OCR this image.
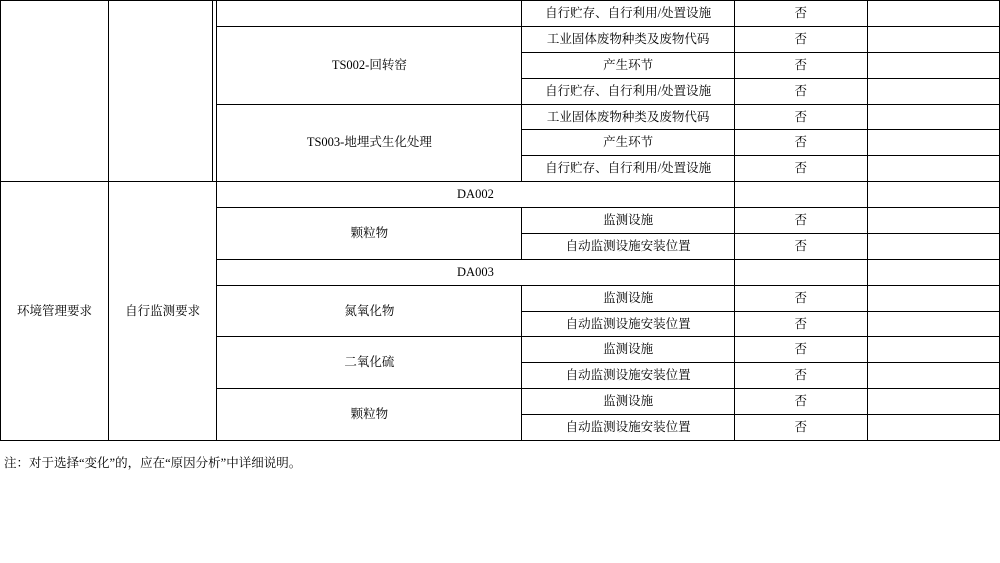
				自行贮存、自行利用/处置设施	否	
			TS002-回转窑	工业固体废物种类及废物代码	否	
				产生环节	否	
				自行贮存、自行利用/处置设施	否	
			TS003-地埋式生化处理	工业固体废物种类及废物代码	否	
				产生环节	否	
				自行贮存、自行利用/处置设施	否	
环境管理要求	自行监测要求		DA002			
			颗粒物	监测设施	否	
				自动监测设施安装位置	否	
			DA003			
			氮氧化物	监测设施	否	
				自动监测设施安装位置	否	
			二氧化硫	监测设施	否	
				自动监测设施安装位置	否	
			颗粒物	监测设施	否	
				自动监测设施安装位置	否	
注：对于选择“变化”的，应在“原因分析”中详细说明。
